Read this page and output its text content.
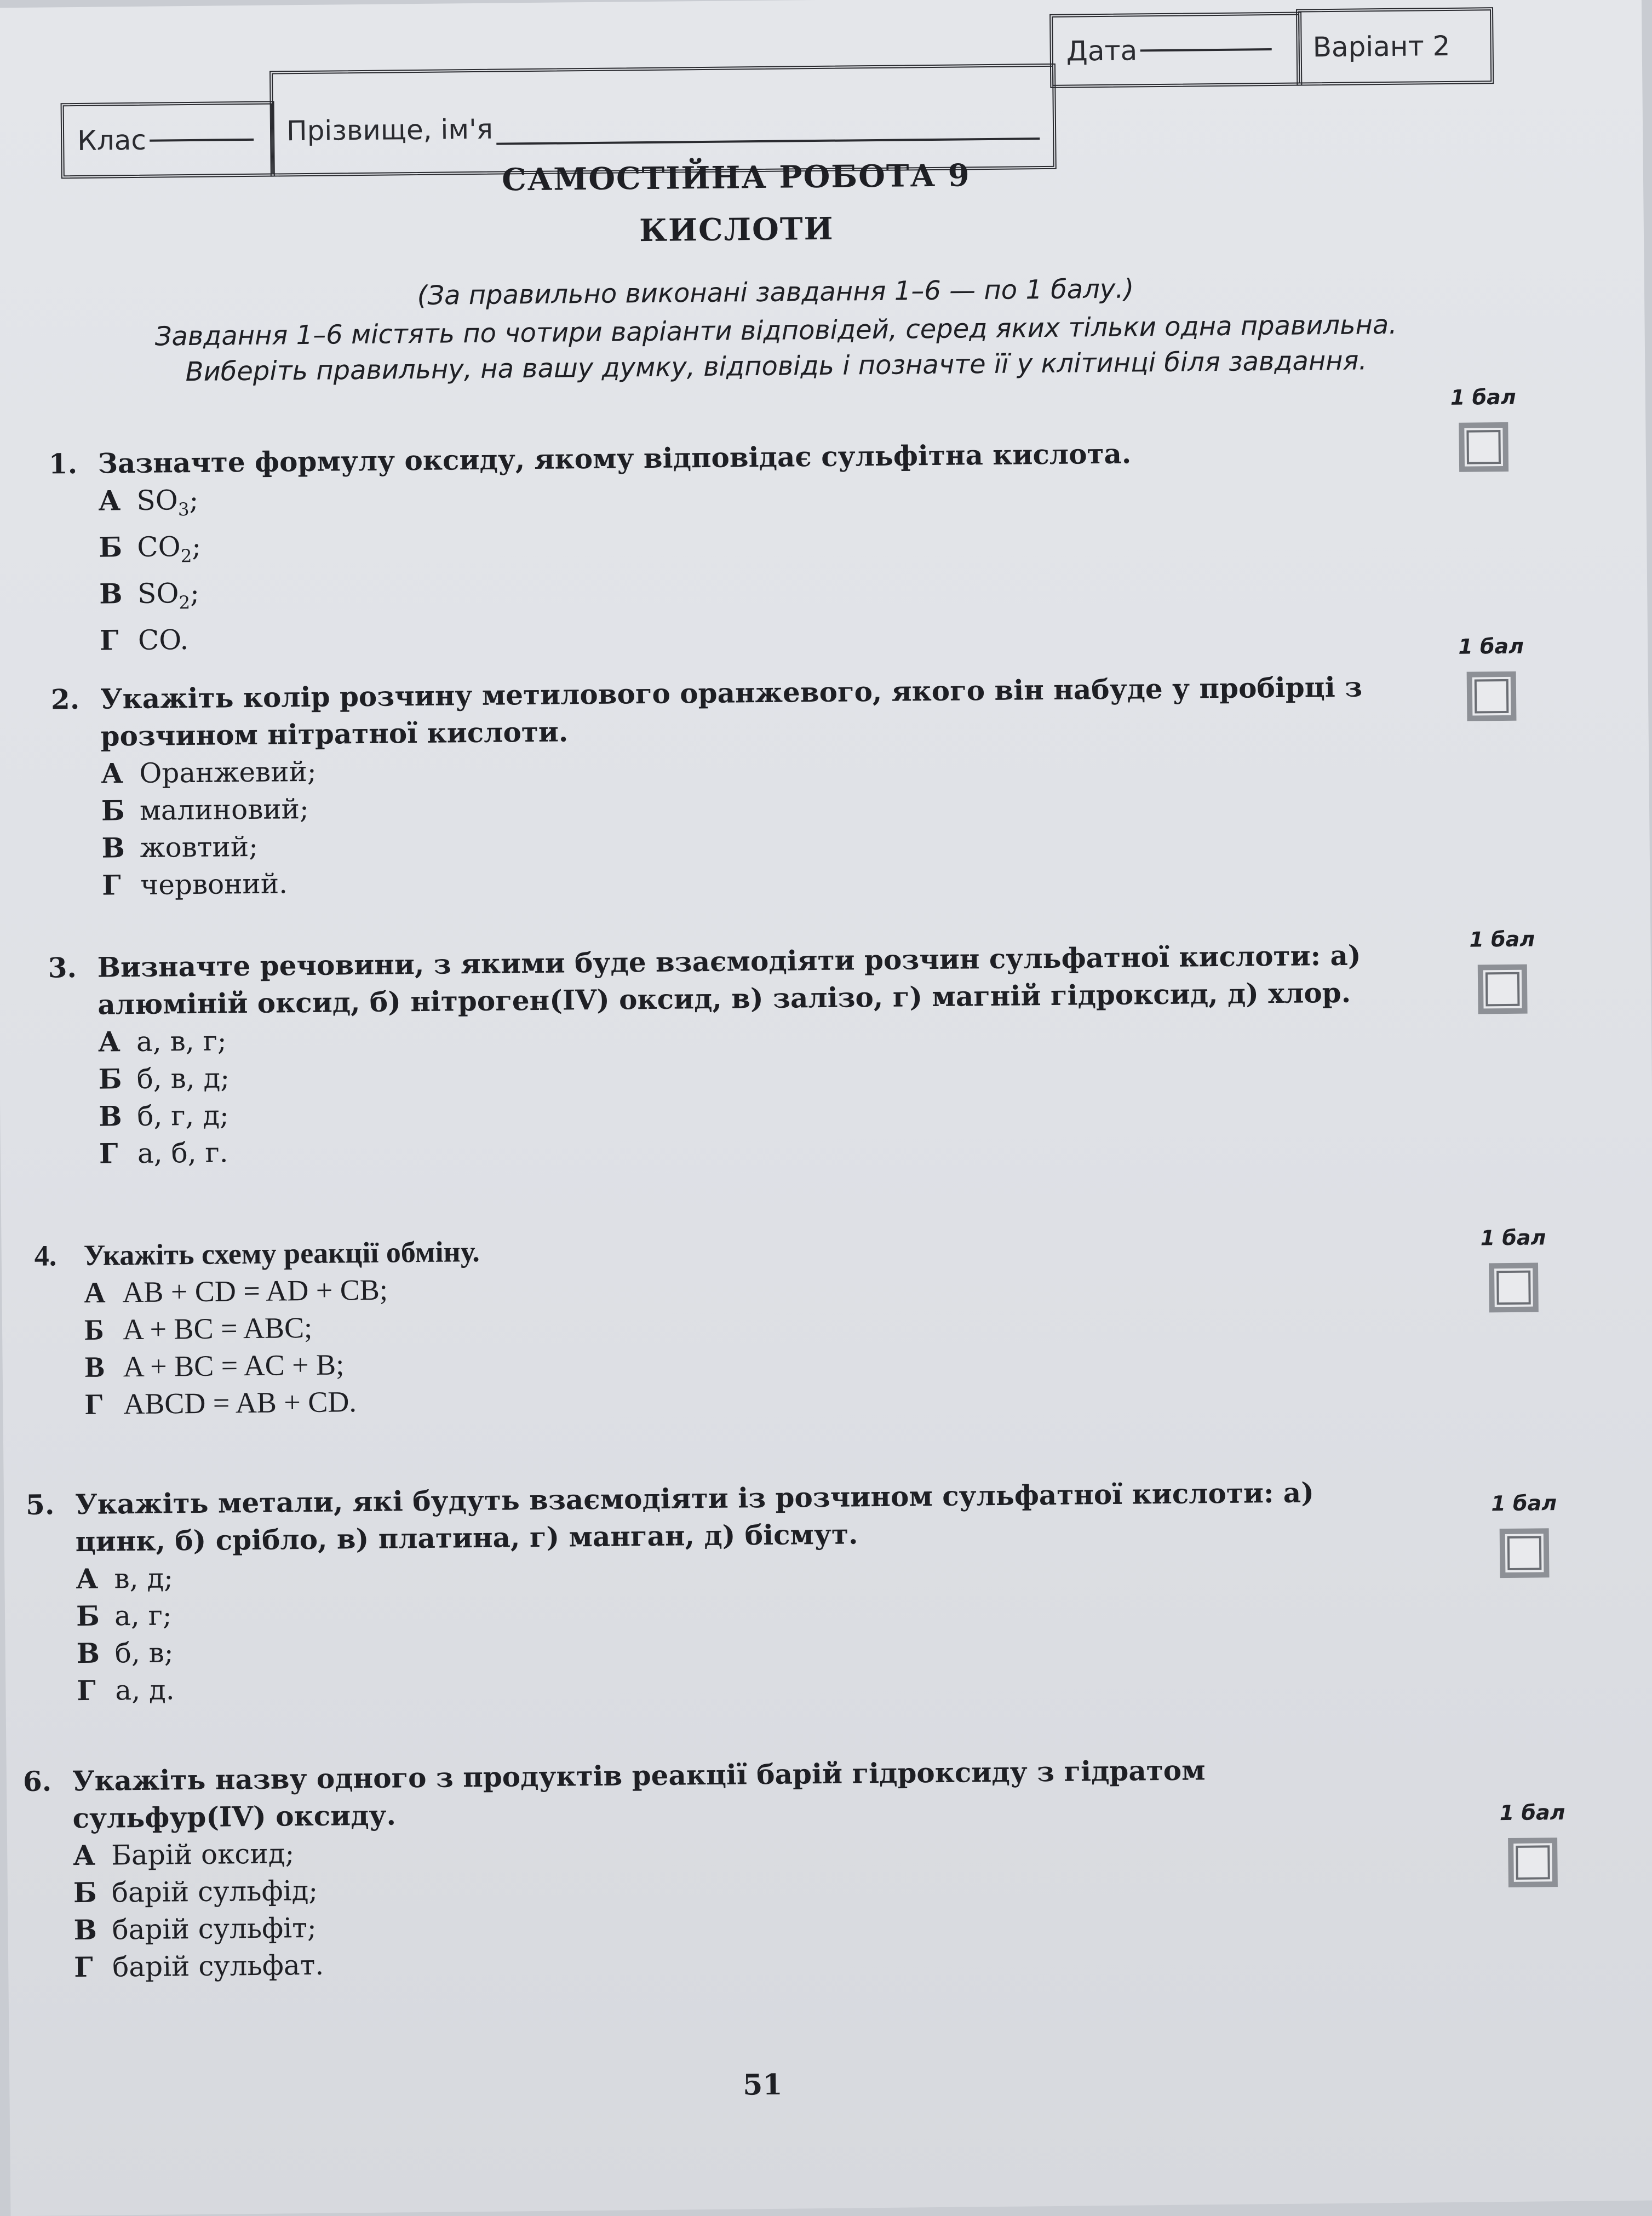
Клас	Прізвище, ім'я
Дата	Варіант 2
САМОСТІЙНА РОБОТА 9
КИСЛОТИ

(За правильно виконані завдання 1–6 — по 1 балу.)

Завдання 1–6 містять по чотири варіанти відповідей, серед яких тільки одна правильна.

Виберіть правильну, на вашу думку, відповідь і позначте її у клітинці біля завдання.

1. Зазначте формулу оксиду, якому відповідає сульфітна кислота.
А $SO_3$;
Б $CO_2$;
В $SO_2$;
Г CO.
1 бал
2. Укажіть колір розчину метилового оранжевого, якого він набуде у пробірці з розчином нітратної кислоти.
А Оранжевий;
Б малиновий;
В жовтий;
Г червоний.
1 бал
3. Визначте речовини, з якими буде взаємодіяти розчин сульфатної кислоти: а) алюміній оксид, б) нітроген(IV) оксид, в) залізо, г) магній гідроксид, д) хлор.
А а, в, г;
Б б, в, д;
В б, г, д;
Г а, б, г.
1 бал
4. Укажіть схему реакції обміну.
А AB + CD = AD + CB;
Б A + BC = ABC;
В A + BC = AC + B;
Г ABCD = AB + CD.
1 бал
5. Укажіть метали, які будуть взаємодіяти із розчином сульфатної кислоти: а) цинк, б) срібло, в) платина, г) манган, д) бісмут.
А в, д;
Б а, г;
В б, в;
Г а, д.
1 бал
6. Укажіть назву одного з продуктів реакції барій гідроксиду з гідратом сульфур(IV) оксиду.
А Барій оксид;
Б барій сульфід;
В барій сульфіт;
Г барій сульфат.
1 бал

51
